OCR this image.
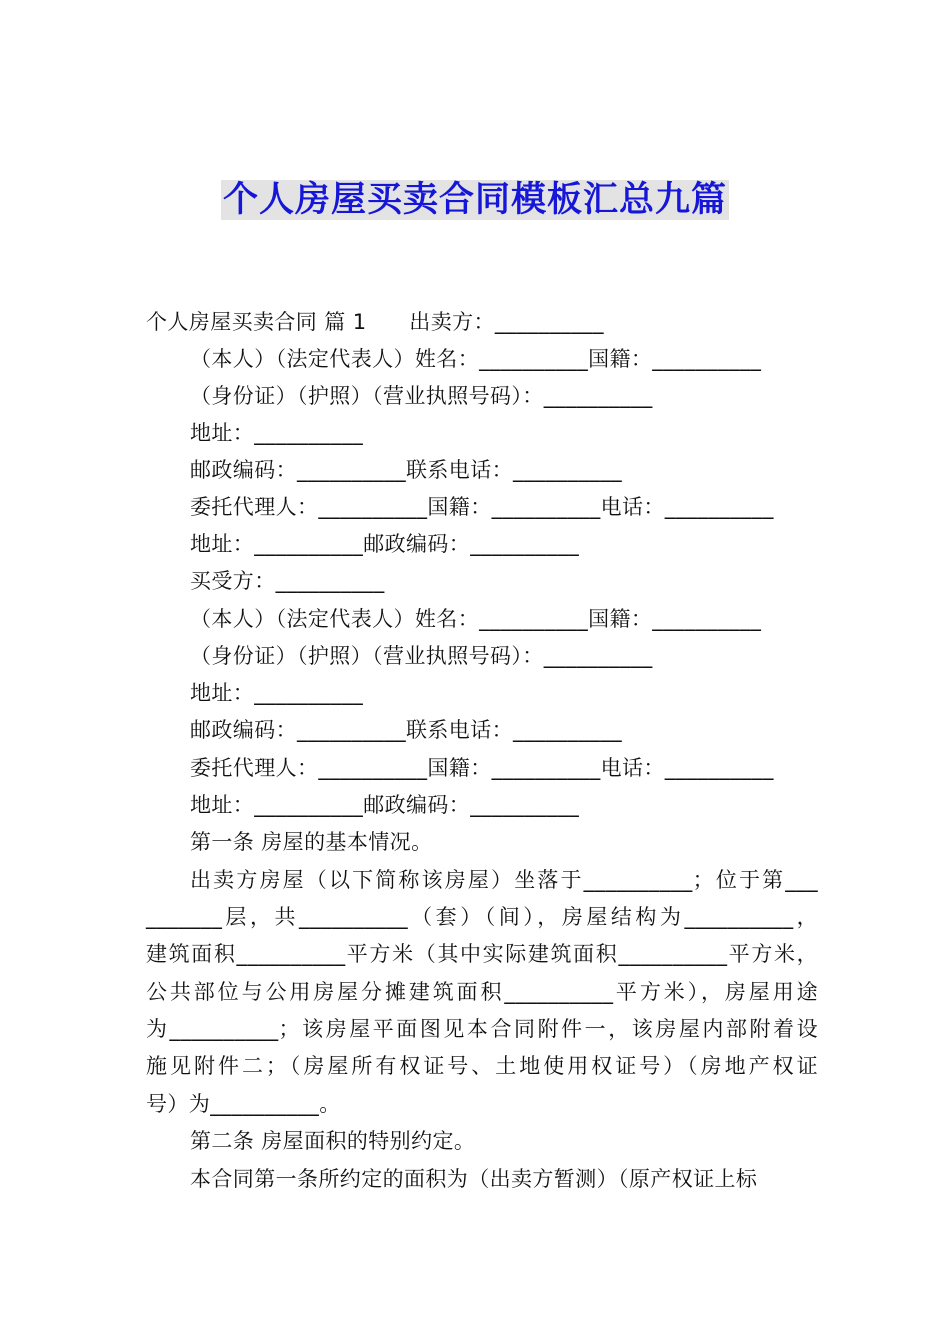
个人房屋买卖合同模板汇总九篇
个人房屋买卖合同 篇 1　　出卖方：__________
（本人）（法定代表人）姓名：__________国籍：__________
（身份证）（护照）（营业执照号码）：__________
地址：__________
邮政编码：__________联系电话：__________
委托代理人：__________国籍：__________电话：__________
地址：__________邮政编码：__________
买受方：__________
（本人）（法定代表人）姓名：__________国籍：__________
（身份证）（护照）（营业执照号码）：__________
地址：__________
邮政编码：__________联系电话：__________
委托代理人：__________国籍：__________电话：__________
地址：__________邮政编码：__________
第一条 房屋的基本情况。
出卖方房屋（以下简称该房屋）坐落于__________；位于第___
_______层，共__________（套）（间），房屋结构为__________，
建筑面积__________平方米（其中实际建筑面积__________平方米，
公共部位与公用房屋分摊建筑面积__________平方米），房屋用途
为__________；该房屋平面图见本合同附件一，该房屋内部附着设
施见附件二；（房屋所有权证号、土地使用权证号）（房地产权证
号）为__________。
第二条 房屋面积的特别约定。
本合同第一条所约定的面积为（出卖方暂测）（原产权证上标
